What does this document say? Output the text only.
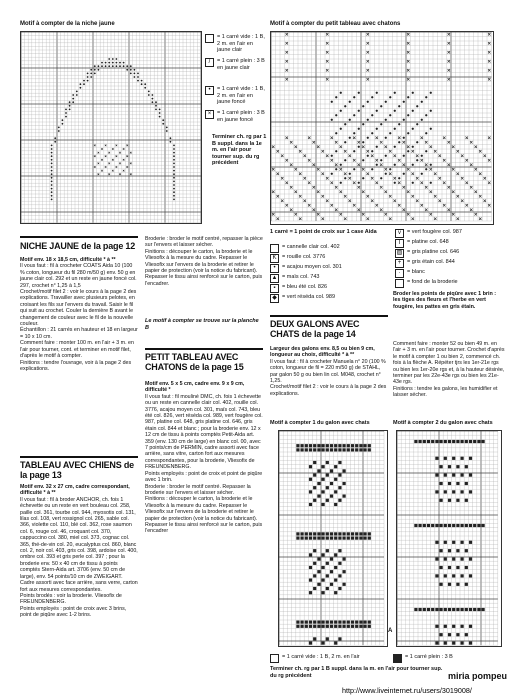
Motif à compter de la niche jaune
= 1 carré vide : 1 B, 2 m. en l'air en jaune clair
/	= 1 carré plein : 3 B en jaune clair
•	= 1 carré vide : 1 B, 2 m. en l'air en jaune foncé
×	= 1 carré plein : 3 B en jaune foncé
Terminer ch. rg par 1 B suppl. dans la 1e m. en l'air pour tourner sup. du rg précédent
Motif à compter du petit tableau avec chatons
1 carré = 1 point de croix sur 1 case Aida
= cannelle clair col. 402
K	= rouille col. 3776
•	= acajou moyen col. 301
▲ = maïs col. 743
▪	= bleu été col. 826
◆ = vert réséda col. 989
v	= vert fougère col. 987
T	= platine col. 648
▨ = gris platine col. 646
+	= gris étain col. 844
·	= blanc
= fond de la broderie
Broder les points de piqûre avec 1 brin : les tiges des fleurs et l'herbe en vert fougère, les pattes en gris étain.
NICHE JAUNE de la page 12
Motif env. 18 x 18,5 cm, difficulté * à **
Il vous faut : fil à crocheter COATS Aida 10 (100 % coton, longueur du fil 280 m/50 g) env. 50 g en jaune clair col. 292 et un reste en jaune foncé col. 297, crochet n° 1,25 à 1,5
Crochet/motif filet 2 : voir le cours à la page 2 des explications. Travailler avec plusieurs pelotes, en croisant les fils sur l'envers du travail. Saisir le fil qui suit au crochet. Couler la dernière B avant le changement de couleur avec le fil de la nouvelle couleur.
Échantillon : 21 carrés en hauteur et 18 en largeur = 10 x 10 cm.
Comment faire : monter 100 m. en l'air + 3 m. en l'air pour tourner, cont. et terminer en motif filet, d'après le motif à compter.
Finitions : tendre l'ouvrage, voir à la page 2 des explications.
TABLEAU AVEC CHIENS de la page 13
Motif env. 32 x 27 cm, cadre correspondant, difficulté * à **
Il vous faut : fil à broder ANCHOR, ch. fois 1 échevette ou un reste en vert bouleau col. 258, paille col. 361, tourbe col. 944, myosotis col. 131, lilas col. 108, vert rossignol col. 265, sable col. 366, violette col. 110, blé col. 362, rose saumon col. 6, rouge col. 46, croquant col. 370, cappuccino col. 380, miel col. 373, cognac col. 365, thé-de-vin col. 20, eucalyptus col. 860, blanc col. 2, noir col. 403, gris col. 398, ardoise col. 400, ombre col. 393 et gris perle col. 397 ; pour la broderie env. 50 x 40 cm de tissu à points comptés Stern-Aida art. 3706 (env. 50 cm de large), env. 54 points/10 cm de ZWEIGART. Cadre assorti avec face arrière, sans verre, carton fort aux mesures correspondantes.
Points brodés : voir la broderie. Vliesofix de FREUNDENBERG.
Points employés : point de croix avec 3 brins, point de piqûre avec 1-2 brins.
Broderie : broder le motif centré, repasser la pièce sur l'envers et laisser sécher.
Finitions : découper le carton, la broderie et le Vliesofix à la mesure du cadre. Repasser le Vliesofix sur l'envers de la broderie et retirer le papier de protection (voir la notice du fabricant). Repasser le tissu ainsi renforcé sur le carton, puis l'encadrer.
Le motif à compter se trouve sur la planche B
PETIT TABLEAU AVEC CHATONS de la page 15
Motif env. 5 x 5 cm, cadre env. 9 x 9 cm, difficulté *
Il vous faut : fil mouliné DMC, ch. fois 1 échevette ou un reste en cannelle clair col. 402, rouille col. 3776, acajou moyen col. 301, maïs col. 743, bleu été col. 826, vert réséda col. 989, vert fougère col. 987, platine col. 648, gris platine col. 646, gris étain col. 844 et blanc ; pour la broderie env. 12 x 12 cm de tissu à points comptés Petit-Aida art. 359 (env. 130 cm de large) en blanc col. 00, avec 7 points/cm de PERMIN, cadre assorti avec face arrière, sans vitre, carton fort aux mesures correspondantes, pour la broderie, Vliesofix de FREUNDENBERG.
Points employés : point de croix et point de piqûre avec 1 brin.
Broderie : broder le motif centré. Repasser la broderie sur l'envers et laisser sécher.
Finitions : découper le carton, la broderie et le Vliesofix à la mesure du cadre. Repasser le Vliesofix sur l'envers de la broderie et retirer le papier de protection (voir la notice du fabricant). Repasser le tissu ainsi renforcé sur le carton, puis l'encadrer
DEUX GALONS AVEC CHATS de la page 14
Largeur des galons env. 8,5 ou bien 9 cm, longueur au choix, difficulté * à **
Il vous faut : fil à crocheter Manuela n° 20 (100 % coton, longueur de fil = 220 m/50 g) de STAHL, par galon 50 g ou bien lin col. M048, crochet n° 1,25.
Crochet/motif filet 2 : voir le cours à la page 2 des explications.
Comment faire : monter 52 ou bien 49 m. en l'air + 3 m. en l'air pour tourner. Crochet d'après le motif à compter 1 ou bien 2, commencé ch. fois à la flèche A. Répéter tjrs les 1er-21e rgs ou bien les 1er-20e rgs et, à la hauteur désirée, terminer par les 22e-43e rgs ou bien les 21e-43e rgs.
Finitions : tendre les galons, les humidifier et laisser sécher.
Motif à compter 1 du galon avec chats
A
Motif à compter 2 du galon avec chats
= 1 carré vide : 1 B, 2 m. en l'air	= 1 carré plein : 3 B
Terminer ch. rg par 1 B suppl. dans la m. en l'air pour tourner sup. du rg précédent	miria pompeu
http://www.liveinternet.ru/users/3019008/
